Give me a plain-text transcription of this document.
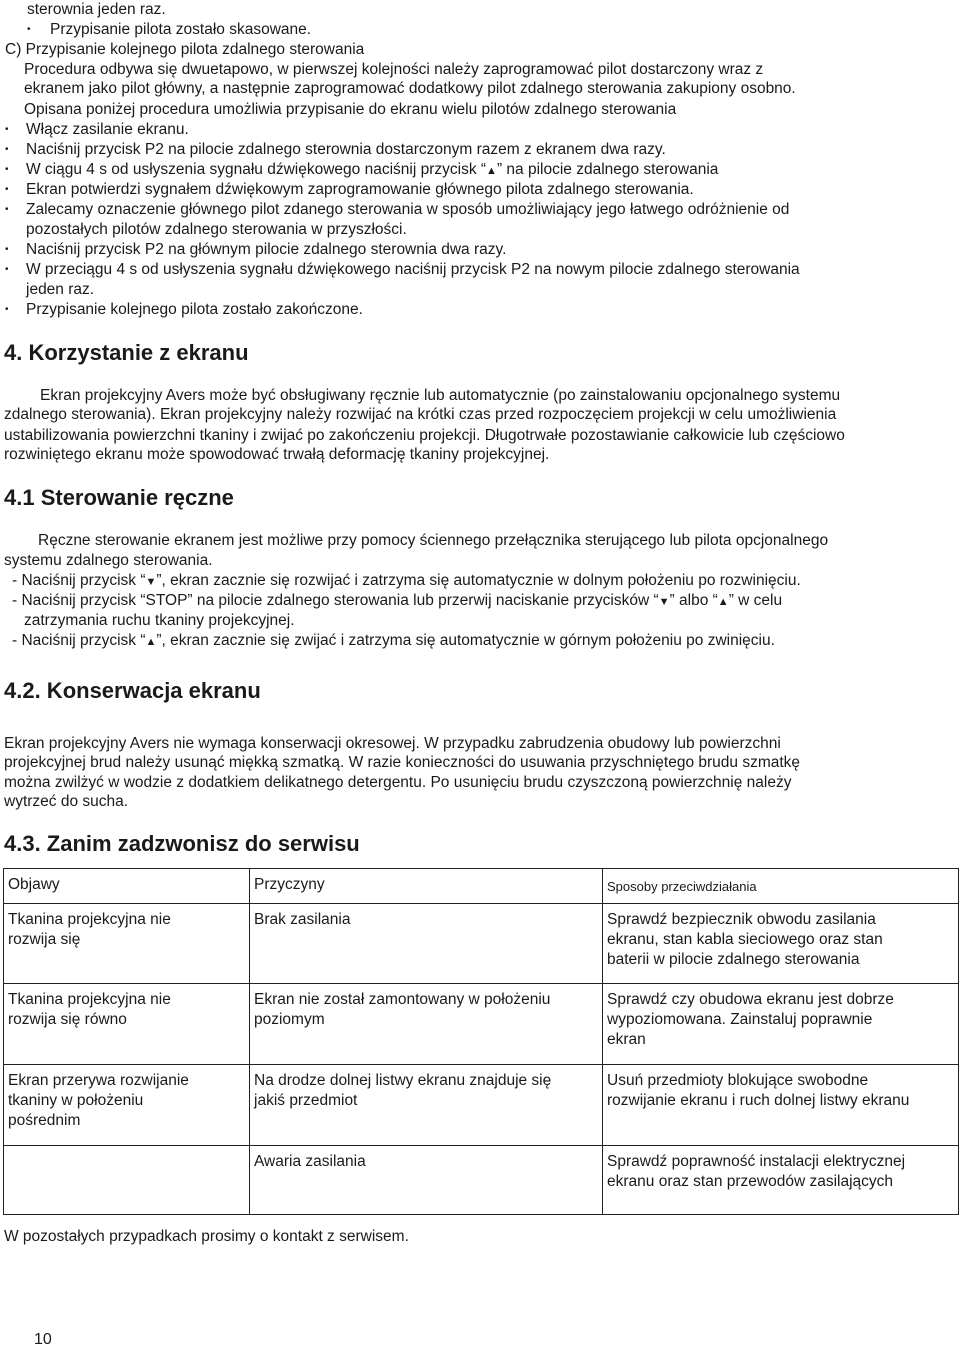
sterownia jeden raz.
• Przypisanie pilota zostało skasowane.
C) Przypisanie kolejnego pilota zdalnego sterowania
Procedura odbywa się dwuetapowo, w pierwszej kolejności należy zaprogramować pilot dostarczony wraz z
ekranem jako pilot główny, a następnie zaprogramować dodatkowy pilot zdalnego sterowania zakupiony osobno.
Opisana poniżej procedura umożliwia przypisanie do ekranu wielu pilotów zdalnego sterowania
• Włącz zasilanie ekranu.
• Naciśnij przycisk P2 na pilocie zdalnego sterownia dostarczonym razem z ekranem dwa razy.
• W ciągu 4 s od usłyszenia sygnału dźwiękowego naciśnij przycisk “▲” na pilocie zdalnego sterowania
• Ekran potwierdzi sygnałem dźwiękowym zaprogramowanie głównego pilota zdalnego sterowania.
• Zalecamy oznaczenie głównego pilot zdanego sterowania w sposób umożliwiający jego łatwego odróżnienie od
pozostałych pilotów zdalnego sterowania w przyszłości.
• Naciśnij przycisk P2 na głównym pilocie zdalnego sterownia dwa razy.
• W przeciągu 4 s od usłyszenia sygnału dźwiękowego naciśnij przycisk P2 na nowym pilocie zdalnego sterowania
jeden raz.
• Przypisanie kolejnego pilota zostało zakończone.
4. Korzystanie z ekranu
Ekran projekcyjny Avers może być obsługiwany ręcznie lub automatycznie (po zainstalowaniu opcjonalnego systemu
zdalnego sterowania). Ekran projekcyjny należy rozwijać na krótki czas przed rozpoczęciem projekcji w celu umożliwienia
ustabilizowania powierzchni tkaniny i zwijać po zakończeniu projekcji. Długotrwałe pozostawianie całkowicie lub częściowo
rozwiniętego ekranu może spowodować trwałą deformację tkaniny projekcyjnej.
4.1 Sterowanie ręczne
Ręczne sterowanie ekranem jest możliwe przy pomocy ściennego przełącznika sterującego lub pilota opcjonalnego
systemu zdalnego sterowania.
- Naciśnij przycisk “▼”, ekran zacznie się rozwijać i zatrzyma się automatycznie w dolnym położeniu po rozwinięciu.
- Naciśnij przycisk “STOP” na pilocie zdalnego sterowania lub przerwij naciskanie przycisków “▼” albo “▲” w celu
zatrzymania ruchu tkaniny projekcyjnej.
- Naciśnij przycisk “▲”, ekran zacznie się zwijać i zatrzyma się automatycznie w górnym położeniu po zwinięciu.
4.2. Konserwacja ekranu
Ekran projekcyjny Avers nie wymaga konserwacji okresowej. W przypadku zabrudzenia obudowy lub powierzchni
projekcyjnej brud należy usunąć miękką szmatką. W razie konieczności do usuwania przyschniętego brudu szmatkę
można zwilżyć w wodzie z dodatkiem delikatnego detergentu. Po usunięciu brudu czyszczoną powierzchnię należy
wytrzeć do sucha.
4.3. Zanim zadzwonisz do serwisu
Objawy	Przyczyny	Sposoby przeciwdziałania
Tkanina projekcyjna nie
rozwija się	Brak zasilania	Sprawdź bezpiecznik obwodu zasilania
ekranu, stan kabla sieciowego oraz stan
baterii w pilocie zdalnego sterowania
Tkanina projekcyjna nie
rozwija się równo	Ekran nie został zamontowany w położeniu
poziomym	Sprawdź czy obudowa ekranu jest dobrze
wypoziomowana. Zainstaluj poprawnie
ekran
Ekran przerywa rozwijanie
tkaniny w położeniu
pośrednim	Na drodze dolnej listwy ekranu znajduje się
jakiś przedmiot	Usuń przedmioty blokujące swobodne
rozwijanie ekranu i ruch dolnej listwy ekranu
	Awaria zasilania	Sprawdź poprawność instalacji elektrycznej
ekranu oraz stan przewodów zasilających
W pozostałych przypadkach prosimy o kontakt z serwisem.
10
